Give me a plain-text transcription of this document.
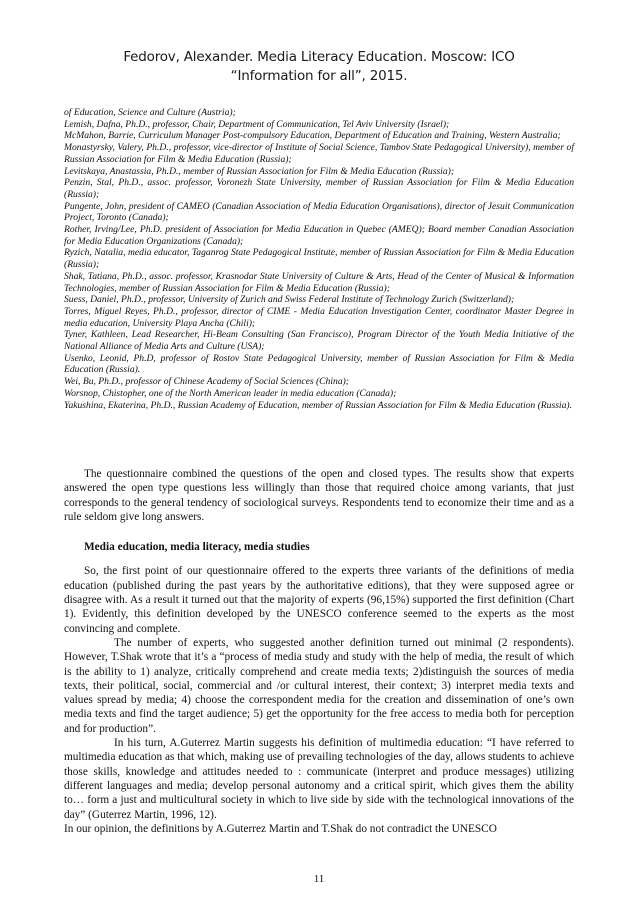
Fedorov, Alexander. Media Literacy Education. Moscow: ICO
“Information for all”, 2015.

of Education, Science and Culture (Austria);

Lemish, Dafna, Ph.D., professor, Chair, Department of Communication, Tel Aviv University (Israel);

McMahon, Barrie, Curriculum Manager Post-compulsory Education, Department of Education and Training, Western Australia;

Monastyrsky, Valery, Ph.D., professor, vice-director of Institute of Social Science, Tambov State Pedagogical University), member of Russian Association for Film & Media Education (Russia);

Levitskaya, Anastassia, Ph.D., member of Russian Association for Film & Media Education (Russia);

Penzin, Stal, Ph.D., assoc. professor, Voronezh State University, member of Russian Association for Film & Media Education (Russia);

Pungente, John, president of CAMEO (Canadian Association of Media Education Organisations), director of Jesuit Communication Project, Toronto (Canada);

Rother, Irving/Lee, Ph.D. president of Association for Media Education in Quebec (AMEQ); Board member Canadian Association for Media Education Organizations (Canada);

Ryzich, Natalia, media educator, Taganrog State Pedagogical Institute, member of Russian Association for Film & Media Education (Russia);

Shak, Tatiana, Ph.D., assoc. professor, Krasnodar State University of Culture & Arts, Head of the Center of Musical & Information Technologies, member of Russian Association for Film & Media Education (Russia);

Suess, Daniel, Ph.D., professor, University of Zurich and Swiss Federal Institute of Technology Zurich (Switzerland);

Torres, Miguel Reyes, Ph.D., professor, director of CIME - Media Education Investigation Center, coordinator Master Degree in media education, University Playa Ancha (Chili);

Tyner, Kathleen, Lead Researcher, Hi-Beam Consulting (San Francisco), Program Director of the Youth Media Initiative of the National Alliance of Media Arts and Culture (USA);

Usenko, Leonid, Ph.D, professor of Rostov State Pedagogical University, member of Russian Association for Film & Media Education (Russia).

Wei, Bu, Ph.D., professor of Chinese Academy of Social Sciences (China);

Worsnop, Chistopher, one of the North American leader in media education (Canada);

Yakushina, Ekaterina, Ph.D., Russian Academy of Education, member of Russian Association for Film & Media Education (Russia).

The questionnaire combined the questions of the open and closed types. The results show that experts answered the open type questions less willingly than those that required choice among variants, that just corresponds to the general tendency of sociological surveys. Respondents tend to economize their time and as a rule seldom give long answers.

Media education, media literacy, media studies

So, the first point of our questionnaire offered to the experts three variants of the definitions of media education (published during the past years by the authoritative editions), that they were supposed agree or disagree with. As a result it turned out that the majority of experts (96,15%) supported the first definition (Chart 1). Evidently, this definition developed by the UNESCO conference seemed to the experts as the most convincing and complete.

The number of experts, who suggested another definition turned out minimal (2 respondents). However, T.Shak wrote that it’s a “process of media study and study with the help of media, the result of which is the ability to 1) analyze, critically comprehend and create media texts; 2)distinguish the sources of media texts, their political, social, commercial and /or cultural interest, their context; 3) interpret media texts and values spread by media; 4) choose the correspondent media for the creation and dissemination of one’s own media texts and find the target audience; 5) get the opportunity for the free access to media both for perception and for production”.

In his turn, A.Guterrez Martin suggests his definition of multimedia education: “I have referred to multimedia education as that which, making use of prevailing technologies of the day, allows students to achieve those skills, knowledge and attitudes needed to : communicate (interpret and produce messages) utilizing different languages and media; develop personal autonomy and a critical spirit, which gives them the ability to… form a just and multicultural society in which to live side by side with the technological innovations of the day” (Guterrez Martin, 1996, 12).

In our opinion, the definitions by A.Guterrez Martin and T.Shak do not contradict the UNESCO

11
